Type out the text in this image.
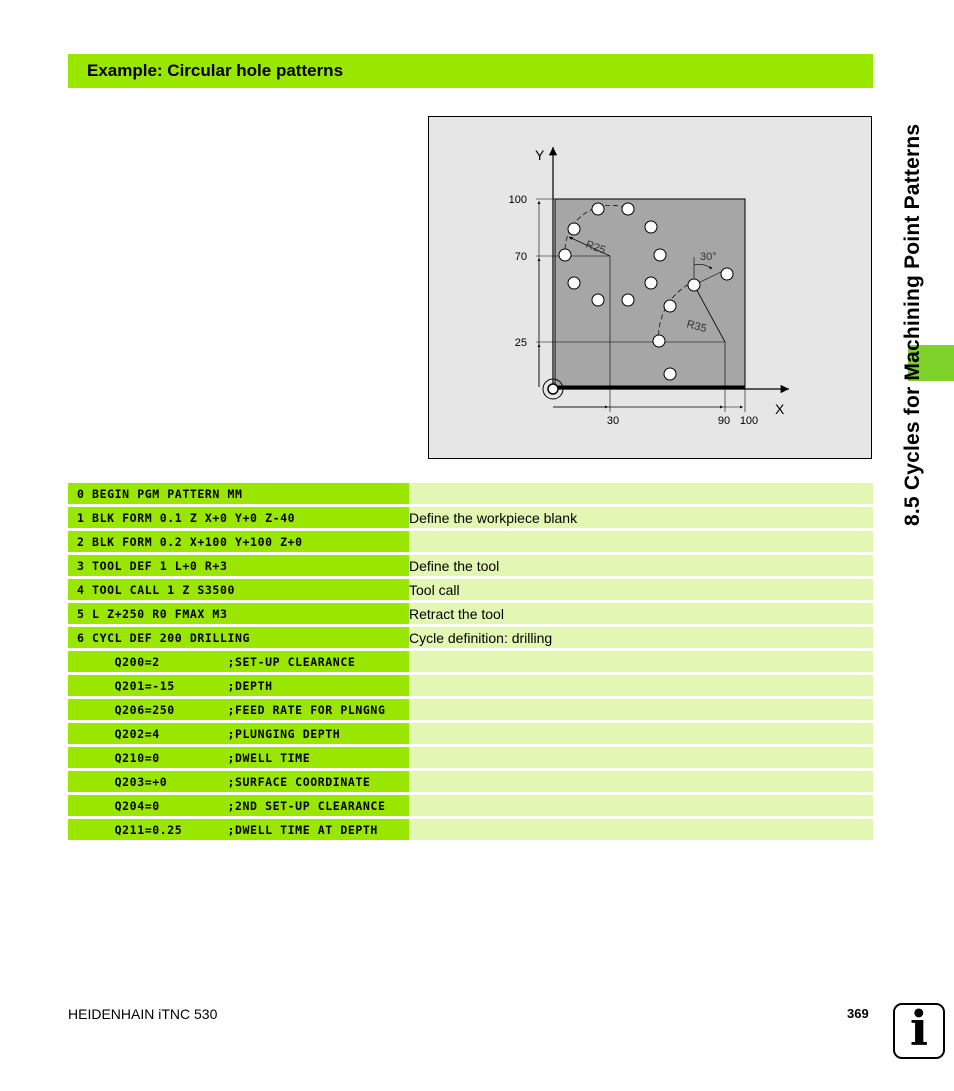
Example: Circular hole patterns
8.5 Cycles for Machining Point Patterns
Y
X
100
70
25
30	90 100
R25
R35
30°
0 BEGIN PGM PATTERN MM		
1 BLK FORM 0.1 Z X+0 Y+0 Z-40		Define the workpiece blank
2 BLK FORM 0.2 X+100 Y+100 Z+0		
3 TOOL DEF 1 L+0 R+3		Define the tool
4 TOOL CALL 1 Z S3500		Tool call
5 L Z+250 R0 FMAX M3		Retract the tool
6 CYCL DEF 200 DRILLING		Cycle definition: drilling
Q200=2         ;SET-UP CLEARANCE		
Q201=-15       ;DEPTH		
Q206=250       ;FEED RATE FOR PLNGNG		
Q202=4         ;PLUNGING DEPTH		
Q210=0         ;DWELL TIME		
Q203=+0        ;SURFACE COORDINATE		
Q204=0         ;2ND SET-UP CLEARANCE		
Q211=0.25      ;DWELL TIME AT DEPTH		
HEIDENHAIN iTNC 530	369 i
